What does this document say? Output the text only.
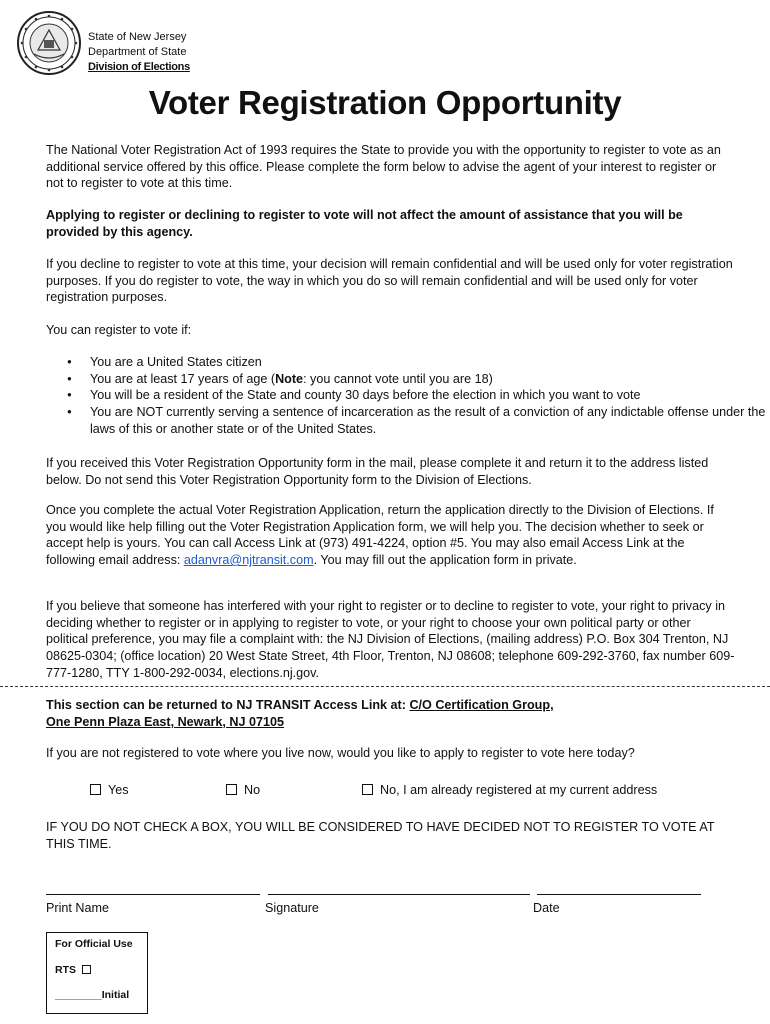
State of New Jersey
Department of State
Division of Elections
Voter Registration Opportunity
The National Voter Registration Act of 1993 requires the State to provide you with the opportunity to register to vote as an additional service offered by this office. Please complete the form below to advise the agent of your interest to register or not to register to vote at this time.
Applying to register or declining to register to vote will not affect the amount of assistance that you will be provided by this agency.
If you decline to register to vote at this time, your decision will remain confidential and will be used only for voter registration purposes. If you do register to vote, the way in which you do so will remain confidential and will be used only for voter registration purposes.
You can register to vote if:
● You are a United States citizen
● You are at least 17 years of age (Note: you cannot vote until you are 18)
● You will be a resident of the State and county 30 days before the election in which you want to vote
● You are NOT currently serving a sentence of incarceration as the result of a conviction of any indictable offense under the laws of this or another state or of the United States.
If you received this Voter Registration Opportunity form in the mail, please complete it and return it to the address listed below. Do not send this Voter Registration Opportunity form to the Division of Elections.
Once you complete the actual Voter Registration Application, return the application directly to the Division of Elections. If you would like help filling out the Voter Registration Application form, we will help you. The decision whether to seek or accept help is yours. You can call Access Link at (973) 491-4224, option #5. You may also email Access Link at the following email address: adanvra@njtransit.com. You may fill out the application form in private.
If you believe that someone has interfered with your right to register or to decline to register to vote, your right to privacy in deciding whether to register or in applying to register to vote, or your right to choose your own political party or other political preference, you may file a complaint with: the NJ Division of Elections, (mailing address) P.O. Box 304 Trenton, NJ 08625-0304; (office location) 20 West State Street, 4th Floor, Trenton, NJ 08608; telephone 609-292-3760, fax number 609-777-1280, TTY 1-800-292-0034, elections.nj.gov.
This section can be returned to NJ TRANSIT Access Link at: C/O Certification Group,
One Penn Plaza East, Newark, NJ 07105
If you are not registered to vote where you live now, would you like to apply to register to vote here today?
Yes	No	No, I am already registered at my current address
IF YOU DO NOT CHECK A BOX, YOU WILL BE CONSIDERED TO HAVE DECIDED NOT TO REGISTER TO VOTE AT THIS TIME.
Print Name	Signature	Date
For Official Use
RTS
________Initial
